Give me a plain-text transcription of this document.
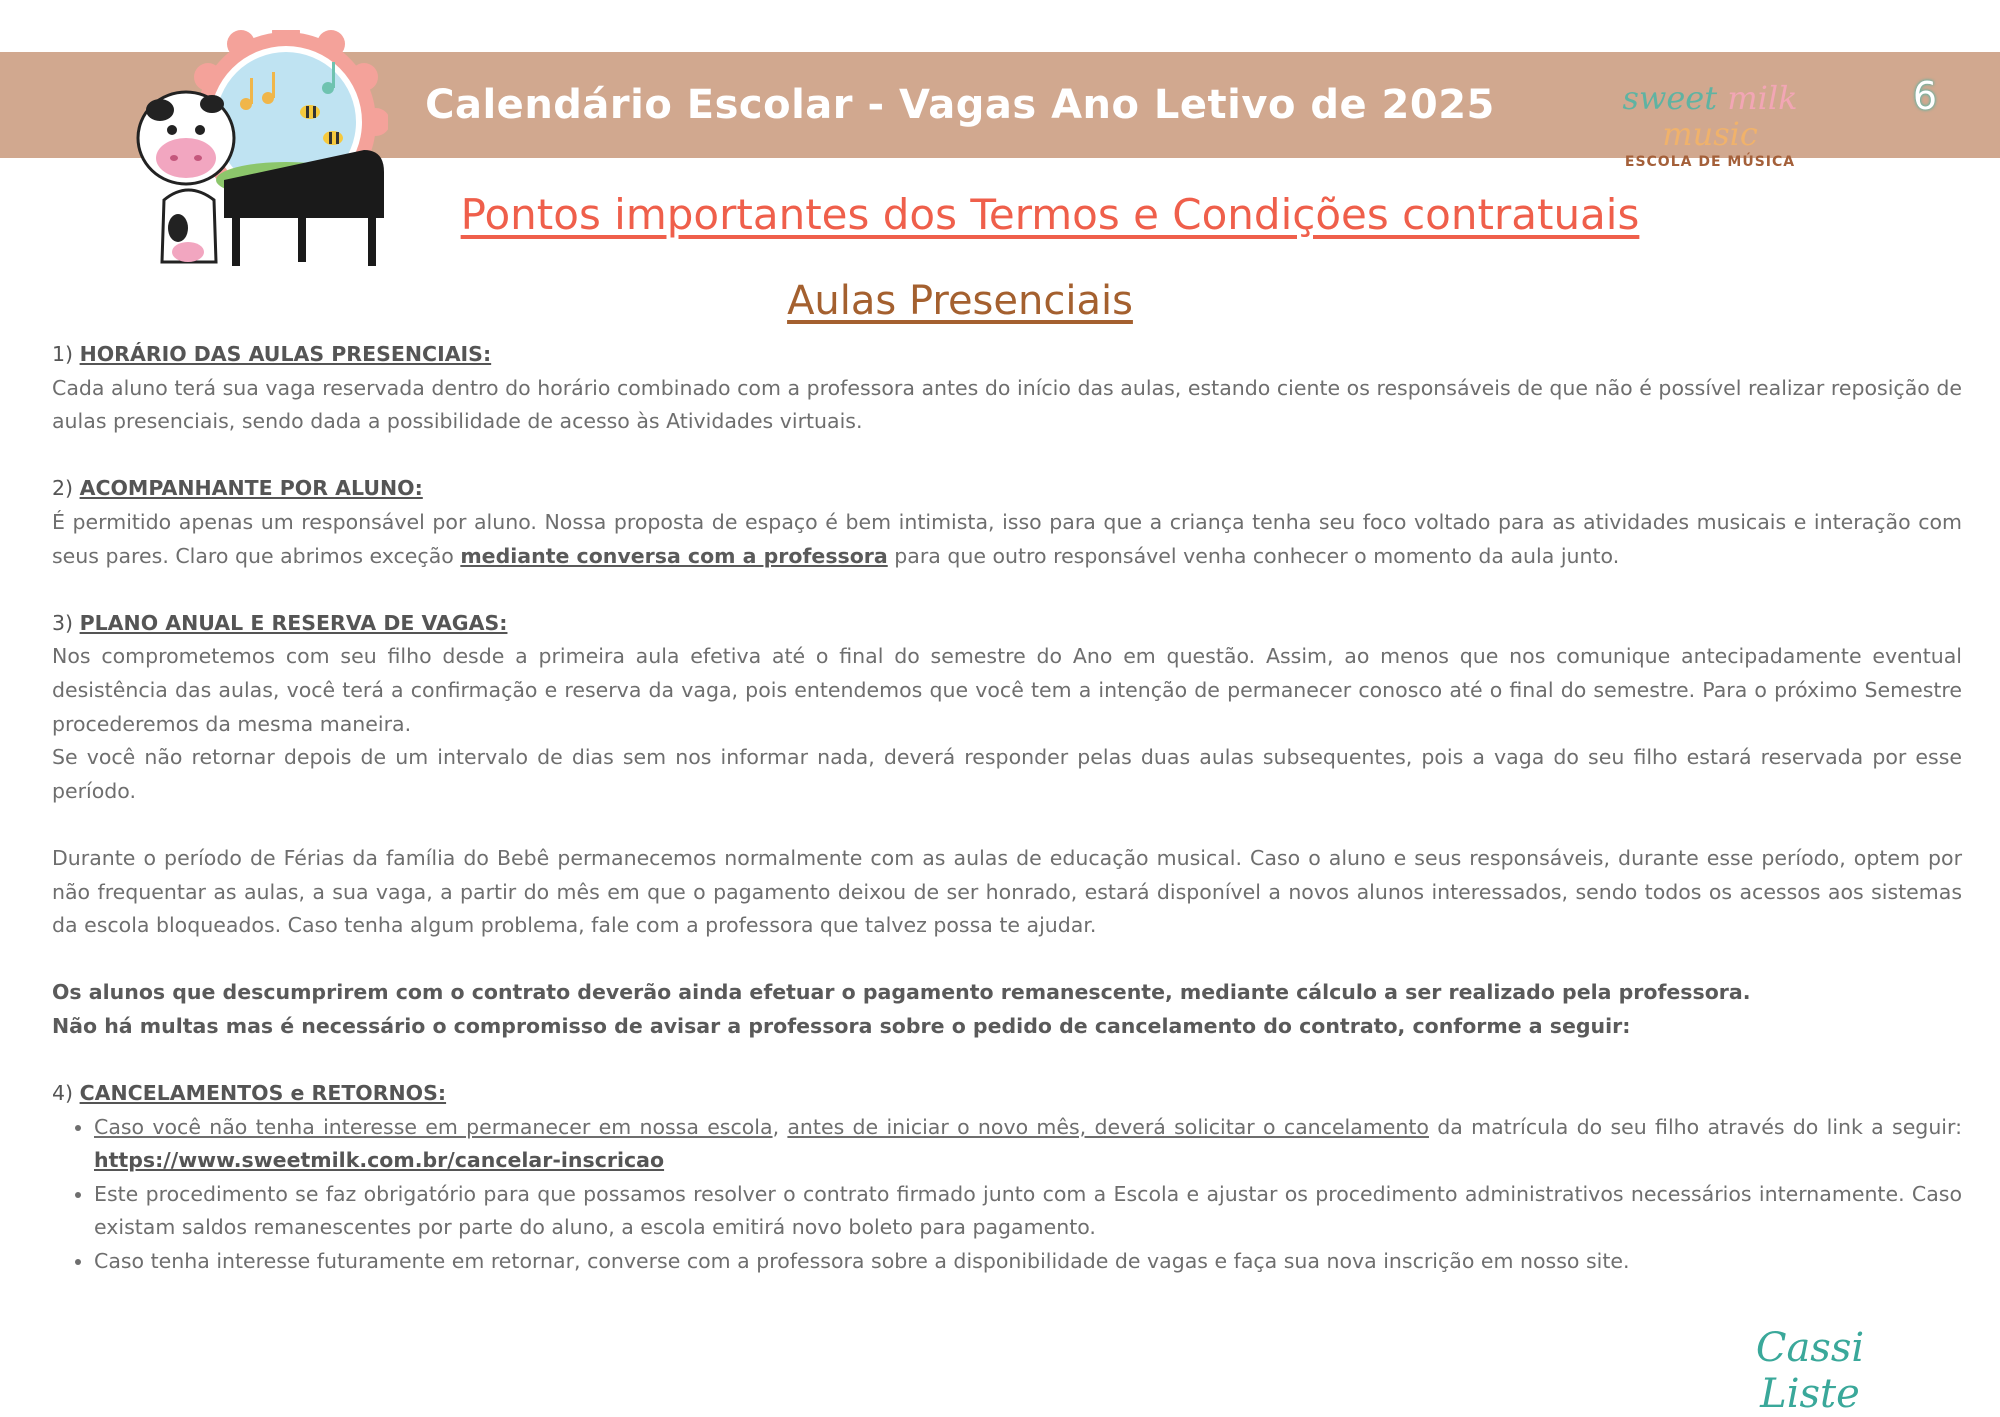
Calendário Escolar - Vagas Ano Letivo de 2025	sweet milk music
ESCOLA DE MÚSICA
6
Pontos importantes dos Termos e Condições contratuais
Aulas Presenciais

1) HORÁRIO DAS AULAS PRESENCIAIS:

Cada aluno terá sua vaga reservada dentro do horário combinado com a professora antes do início das aulas, estando ciente os responsáveis de que não é possível realizar reposição de aulas presenciais, sendo dada a possibilidade de acesso às Atividades virtuais.

2) ACOMPANHANTE POR ALUNO:

É permitido apenas um responsável por aluno. Nossa proposta de espaço é bem intimista, isso para que a criança tenha seu foco voltado para as atividades musicais e interação com seus pares. Claro que abrimos exceção mediante conversa com a professora para que outro responsável venha conhecer o momento da aula junto.

3) PLANO ANUAL E RESERVA DE VAGAS:

Nos comprometemos com seu filho desde a primeira aula efetiva até o final do semestre do Ano em questão. Assim, ao menos que nos comunique antecipadamente eventual desistência das aulas, você terá a confirmação e reserva da vaga, pois entendemos que você tem a intenção de permanecer conosco até o final do semestre. Para o próximo Semestre procederemos da mesma maneira.

Se você não retornar depois de um intervalo de dias sem nos informar nada, deverá responder pelas duas aulas subsequentes, pois a vaga do seu filho estará reservada por esse período.

Durante o período de Férias da família do Bebê permanecemos normalmente com as aulas de educação musical. Caso o aluno e seus responsáveis, durante esse período, optem por não frequentar as aulas, a sua vaga, a partir do mês em que o pagamento deixou de ser honrado, estará disponível a novos alunos interessados, sendo todos os acessos aos sistemas da escola bloqueados. Caso tenha algum problema, fale com a professora que talvez possa te ajudar.

Os alunos que descumprirem com o contrato deverão ainda efetuar o pagamento remanescente, mediante cálculo a ser realizado pela professora.

Não há multas mas é necessário o compromisso de avisar a professora sobre o pedido de cancelamento do contrato, conforme a seguir:

4) CANCELAMENTOS e RETORNOS:

• Caso você não tenha interesse em permanecer em nossa escola, antes de iniciar o novo mês, deverá solicitar o cancelamento da matrícula do seu filho através do link a seguir: https://www.sweetmilk.com.br/cancelar-inscricao
• Este procedimento se faz obrigatório para que possamos resolver o contrato firmado junto com a Escola e ajustar os procedimento administrativos necessários internamente. Caso existam saldos remanescentes por parte do aluno, a escola emitirá novo boleto para pagamento.
• Caso tenha interesse futuramente em retornar, converse com a professora sobre a disponibilidade de vagas e faça sua nova inscrição em nosso site.
Cassi Liste
